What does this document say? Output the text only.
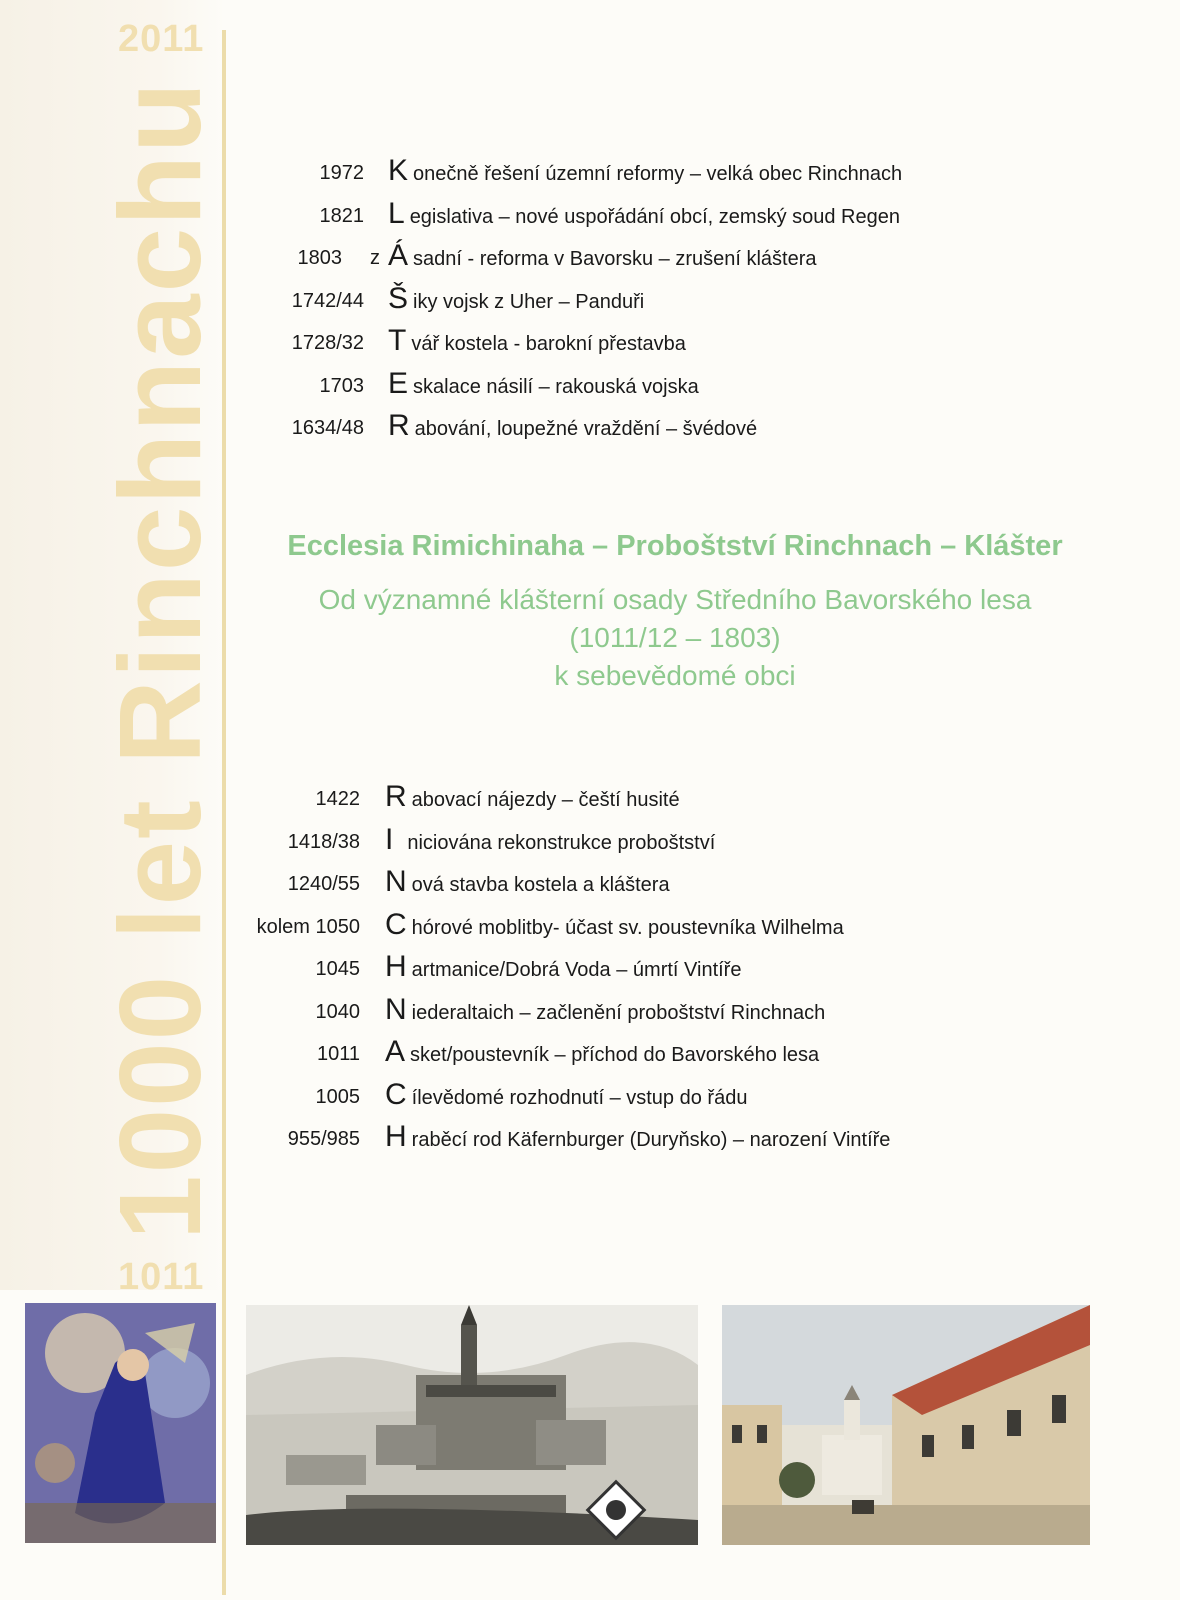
2011
1000 let Rinchnachu
1011
1972 Konečně řešení územní reformy – velká obec Rinchnach
1821 Legislativa – nové uspořádání obcí, zemský soud Regen
1803 z Ásadní - reforma v Bavorsku – zrušení kláštera
1742/44 Šiky vojsk z Uher – Panduři
1728/32 Tvář kostela - barokní přestavba
1703 Eskalace násilí – rakouská vojska
1634/48 Rabování, loupežné vraždění – švédové
Ecclesia Rimichinaha – Proboštství Rinchnach – Klášter
Od významné klášterní osady Středního Bavorského lesa
(1011/12 – 1803)
k sebevědomé obci
1422 Rabovací nájezdy – čeští husité
1418/38 Iniciována rekonstrukce proboštství
1240/55 Nová stavba kostela a kláštera
kolem 1050 Chórové moblitby- účast sv. poustevníka Wilhelma
1045 Hartmanice/Dobrá Voda – úmrtí Vintíře
1040 Niederaltaich – začlenění proboštství Rinchnach
1011 Asket/poustevník – příchod do Bavorského lesa
1005 Cílevědomé rozhodnutí – vstup do řádu
955/985 Hraběcí rod Käfernburger (Duryňsko) – narození Vintíře
